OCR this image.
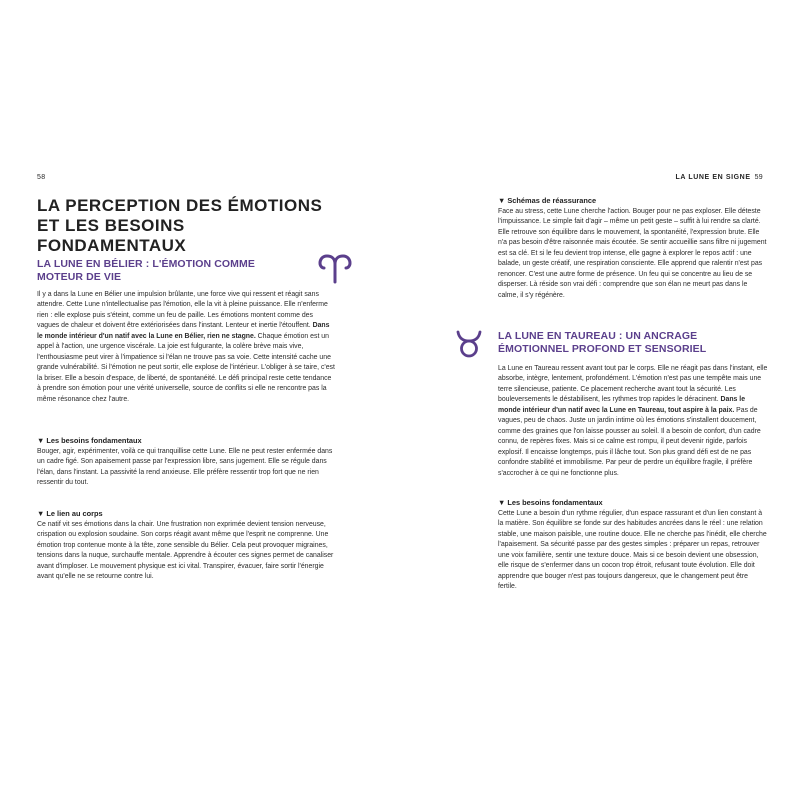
58
LA PERCEPTION DES ÉMOTIONS ET LES BESOINS FONDAMENTAUX
LA LUNE EN BÉLIER : L'ÉMOTION COMME MOTEUR DE VIE

Il y a dans la Lune en Bélier une impulsion brûlante, une force vive qui ressent et réagit sans attendre. Cette Lune n'intellectualise pas l'émotion, elle la vit à pleine puissance. Elle n'enferme rien : elle explose puis s'éteint, comme un feu de paille. Les émotions montent comme des vagues de chaleur et doivent être extériorisées dans l'instant. Lenteur et inertie l'étouffent. Dans le monde intérieur d'un natif avec la Lune en Bélier, rien ne stagne. Chaque émotion est un appel à l'action, une urgence viscérale. La joie est fulgurante, la colère brève mais vive, l'enthousiasme peut virer à l'impatience si l'élan ne trouve pas sa voie. Cette intensité cache une grande vulnérabilité. Si l'émotion ne peut sortir, elle explose de l'intérieur. L'obliger à se taire, c'est la briser. Elle a besoin d'espace, de liberté, de spontanéité. Le défi principal reste cette tendance à prendre son émotion pour une vérité universelle, source de conflits si elle ne rencontre pas la même résonance chez l'autre.

▼ Les besoins fondamentaux

Bouger, agir, expérimenter, voilà ce qui tranquillise cette Lune. Elle ne peut rester enfermée dans un cadre figé. Son apaisement passe par l'expression libre, sans jugement. Elle se régule dans l'élan, dans l'instant. La passivité la rend anxieuse. Elle préfère ressentir trop fort que ne rien ressentir du tout.

▼ Le lien au corps

Ce natif vit ses émotions dans la chair. Une frustration non exprimée devient tension nerveuse, crispation ou explosion soudaine. Son corps réagit avant même que l'esprit ne comprenne. Une émotion trop contenue monte à la tête, zone sensible du Bélier. Cela peut provoquer migraines, tensions dans la nuque, surchauffe mentale. Apprendre à écouter ces signes permet de canaliser avant d'imploser. Le mouvement physique est ici vital. Transpirer, évacuer, faire sortir l'énergie avant qu'elle ne se retourne contre lui.

LA LUNE EN SIGNE 59
▼ Schémas de réassurance

Face au stress, cette Lune cherche l'action. Bouger pour ne pas exploser. Elle déteste l'impuissance. Le simple fait d'agir – même un petit geste – suffit à lui rendre sa clarté. Elle retrouve son équilibre dans le mouvement, la spontanéité, l'expression brute. Elle n'a pas besoin d'être raisonnée mais écoutée. Se sentir accueillie sans filtre ni jugement est sa clé. Et si le feu devient trop intense, elle gagne à explorer le repos actif : une balade, un geste créatif, une respiration consciente. Elle apprend que ralentir n'est pas renoncer. C'est une autre forme de présence. Un feu qui se concentre au lieu de se disperser. Là réside son vrai défi : comprendre que son élan ne meurt pas dans le calme, il s'y régénère.

LA LUNE EN TAUREAU : UN ANCRAGE ÉMOTIONNEL PROFOND ET SENSORIEL

La Lune en Taureau ressent avant tout par le corps. Elle ne réagit pas dans l'instant, elle absorbe, intègre, lentement, profondément. L'émotion n'est pas une tempête mais une terre silencieuse, patiente. Ce placement recherche avant tout la sécurité. Les bouleversements le déstabilisent, les rythmes trop rapides le déracinent. Dans le monde intérieur d'un natif avec la Lune en Taureau, tout aspire à la paix. Pas de vagues, peu de chaos. Juste un jardin intime où les émotions s'installent doucement, comme des graines que l'on laisse pousser au soleil. Il a besoin de confort, d'un cadre connu, de repères fixes. Mais si ce calme est rompu, il peut devenir rigide, parfois explosif. Il encaisse longtemps, puis il lâche tout. Son plus grand défi est de ne pas confondre stabilité et immobilisme. Par peur de perdre un équilibre fragile, il préfère s'accrocher à ce qui ne fonctionne plus.

▼ Les besoins fondamentaux

Cette Lune a besoin d'un rythme régulier, d'un espace rassurant et d'un lien constant à la matière. Son équilibre se fonde sur des habitudes ancrées dans le réel : une relation stable, une maison paisible, une routine douce. Elle ne cherche pas l'inédit, elle cherche l'apaisement. Sa sécurité passe par des gestes simples : préparer un repas, retrouver une voix familière, sentir une texture douce. Mais si ce besoin devient une obsession, elle risque de s'enfermer dans un cocon trop étroit, refusant toute évolution. Elle doit apprendre que bouger n'est pas toujours dangereux, que le changement peut être fertile.
